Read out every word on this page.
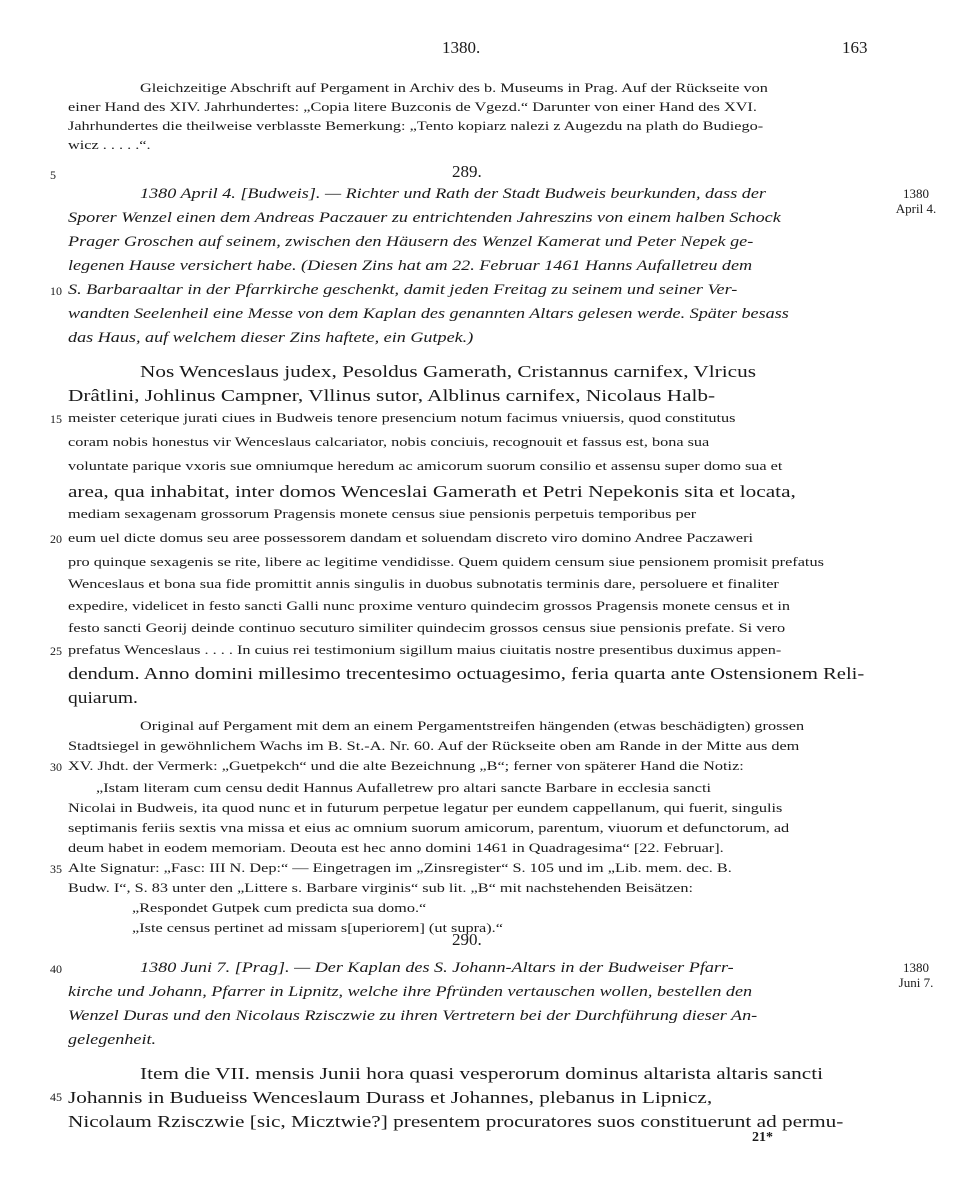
1380.	163
289.
1380
April 4.
290.
1380
Juni 7.
Gleichzeitige Abschrift auf Pergament in Archiv des b. Museums in Prag. Auf der Rückseite von
einer Hand des XIV. Jahrhundertes: „Copia litere Buzconis de Vgezd.“ Darunter von einer Hand des XVI.
Jahrhundertes die theilweise verblasste Bemerkung: „Tento kopiarz nalezi z Augezdu na plath do Budiego-
wicz . . . . .“.
1380 April 4. [Budweis]. — Richter und Rath der Stadt Budweis beurkunden, dass der
Sporer Wenzel einen dem Andreas Paczauer zu entrichtenden Jahreszins von einem halben Schock
Prager Groschen auf seinem, zwischen den Häusern des Wenzel Kamerat und Peter Nepek ge-
legenen Hause versichert habe. (Diesen Zins hat am 22. Februar 1461 Hanns Aufalletreu dem
S. Barbaraaltar in der Pfarrkirche geschenkt, damit jeden Freitag zu seinem und seiner Ver-
wandten Seelenheil eine Messe von dem Kaplan des genannten Altars gelesen werde. Später besass
das Haus, auf welchem dieser Zins haftete, ein Gutpek.)
Nos Wenceslaus judex, Pesoldus Gamerath, Cristannus carnifex, Vlricus
Drâtlini, Johlinus Campner, Vllinus sutor, Alblinus carnifex, Nicolaus Halb-
meister ceterique jurati ciues in Budweis tenore presencium notum facimus vniuersis, quod constitutus
coram nobis honestus vir Wenceslaus calcariator, nobis conciuis, recognouit et fassus est, bona sua
voluntate parique vxoris sue omniumque heredum ac amicorum suorum consilio et assensu super domo sua et
area, qua inhabitat, inter domos Wenceslai Gamerath et Petri Nepekonis sita et locata,
mediam sexagenam grossorum Pragensis monete census siue pensionis perpetuis temporibus per
eum uel dicte domus seu aree possessorem dandam et soluendam discreto viro domino Andree Paczaweri
pro quinque sexagenis se rite, libere ac legitime vendidisse. Quem quidem censum siue pensionem promisit prefatus
Wenceslaus et bona sua fide promittit annis singulis in duobus subnotatis terminis dare, persoluere et finaliter
expedire, videlicet in festo sancti Galli nunc proxime venturo quindecim grossos Pragensis monete census et in
festo sancti Georij deinde continuo secuturo similiter quindecim grossos census siue pensionis prefate. Si vero
prefatus Wenceslaus . . . . In cuius rei testimonium sigillum maius ciuitatis nostre presentibus duximus appen-
dendum. Anno domini millesimo trecentesimo octuagesimo, feria quarta ante Ostensionem Reli-
quiarum.
Original auf Pergament mit dem an einem Pergamentstreifen hängenden (etwas beschädigten) grossen
Stadtsiegel in gewöhnlichem Wachs im B. St.-A. Nr. 60. Auf der Rückseite oben am Rande in der Mitte aus dem
XV. Jhdt. der Vermerk: „Guetpekch“ und die alte Bezeichnung „B“; ferner von späterer Hand die Notiz:
„Istam literam cum censu dedit Hannus Aufalletrew pro altari sancte Barbare in ecclesia sancti
Nicolai in Budweis, ita quod nunc et in futurum perpetue legatur per eundem cappellanum, qui fuerit, singulis
septimanis feriis sextis vna missa et eius ac omnium suorum amicorum, parentum, viuorum et defunctorum, ad
deum habet in eodem memoriam. Deouta est hec anno domini 1461 in Quadragesima“ [22. Februar].
Alte Signatur: „Fasc: III N. Dep:“ — Eingetragen im „Zinsregister“ S. 105 und im „Lib. mem. dec. B.
Budw. I“, S. 83 unter den „Littere s. Barbare virginis“ sub lit. „B“ mit nachstehenden Beisätzen:
„Respondet Gutpek cum predicta sua domo.“
„Iste census pertinet ad missam s[uperiorem] (ut supra).“
1380 Juni 7. [Prag]. — Der Kaplan des S. Johann-Altars in der Budweiser Pfarr-
kirche und Johann, Pfarrer in Lipnitz, welche ihre Pfründen vertauschen wollen, bestellen den
Wenzel Duras und den Nicolaus Rzisczwie zu ihren Vertretern bei der Durchführung dieser An-
gelegenheit.
Item die VII. mensis Junii hora quasi vesperorum dominus altarista altaris sancti
Johannis in Budueiss Wenceslaum Durass et Johannes, plebanus in Lipnicz,
Nicolaum Rzisczwie [sic, Micztwie?] presentem procuratores suos constituerunt ad permu-
5
10
15
20
25
30
35
40
45
21*
